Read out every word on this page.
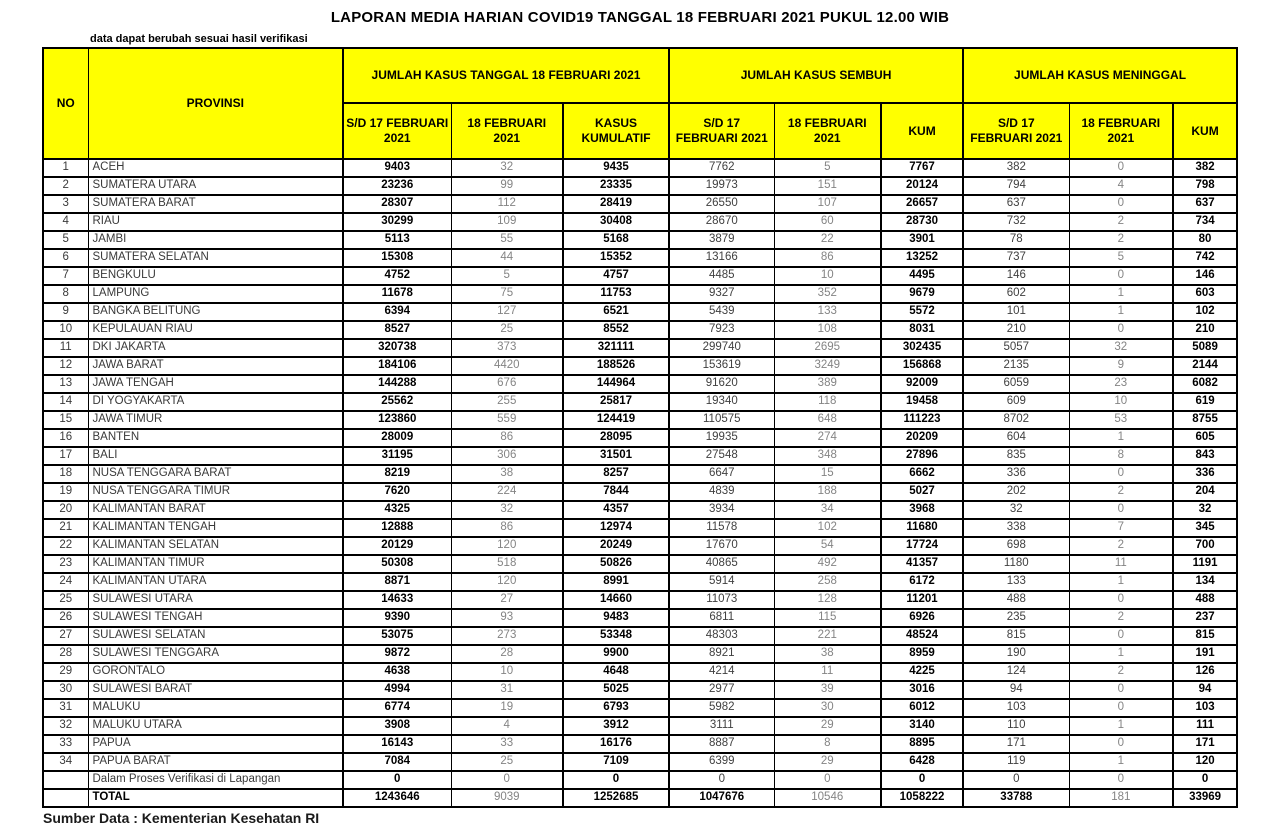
LAPORAN MEDIA HARIAN COVID19 TANGGAL 18 FEBRUARI 2021 PUKUL 12.00 WIB
data dapat berubah sesuai hasil verifikasi
NO	PROVINSI	JUMLAH KASUS TANGGAL 18 FEBRUARI 2021			JUMLAH KASUS SEMBUH			JUMLAH KASUS MENINGGAL		
		S/D 17 FEBRUARI 2021	18 FEBRUARI 2021	KASUS KUMULATIF	S/D 17 FEBRUARI 2021	18 FEBRUARI 2021	KUM	S/D 17 FEBRUARI 2021	18 FEBRUARI 2021	KUM
1	ACEH	9403	32	9435	7762	5	7767	382	0	382
2	SUMATERA UTARA	23236	99	23335	19973	151	20124	794	4	798
3	SUMATERA BARAT	28307	112	28419	26550	107	26657	637	0	637
4	RIAU	30299	109	30408	28670	60	28730	732	2	734
5	JAMBI	5113	55	5168	3879	22	3901	78	2	80
6	SUMATERA SELATAN	15308	44	15352	13166	86	13252	737	5	742
7	BENGKULU	4752	5	4757	4485	10	4495	146	0	146
8	LAMPUNG	11678	75	11753	9327	352	9679	602	1	603
9	BANGKA BELITUNG	6394	127	6521	5439	133	5572	101	1	102
10	KEPULAUAN RIAU	8527	25	8552	7923	108	8031	210	0	210
11	DKI JAKARTA	320738	373	321111	299740	2695	302435	5057	32	5089
12	JAWA BARAT	184106	4420	188526	153619	3249	156868	2135	9	2144
13	JAWA TENGAH	144288	676	144964	91620	389	92009	6059	23	6082
14	DI YOGYAKARTA	25562	255	25817	19340	118	19458	609	10	619
15	JAWA TIMUR	123860	559	124419	110575	648	111223	8702	53	8755
16	BANTEN	28009	86	28095	19935	274	20209	604	1	605
17	BALI	31195	306	31501	27548	348	27896	835	8	843
18	NUSA TENGGARA BARAT	8219	38	8257	6647	15	6662	336	0	336
19	NUSA TENGGARA TIMUR	7620	224	7844	4839	188	5027	202	2	204
20	KALIMANTAN BARAT	4325	32	4357	3934	34	3968	32	0	32
21	KALIMANTAN TENGAH	12888	86	12974	11578	102	11680	338	7	345
22	KALIMANTAN SELATAN	20129	120	20249	17670	54	17724	698	2	700
23	KALIMANTAN TIMUR	50308	518	50826	40865	492	41357	1180	11	1191
24	KALIMANTAN UTARA	8871	120	8991	5914	258	6172	133	1	134
25	SULAWESI UTARA	14633	27	14660	11073	128	11201	488	0	488
26	SULAWESI TENGAH	9390	93	9483	6811	115	6926	235	2	237
27	SULAWESI SELATAN	53075	273	53348	48303	221	48524	815	0	815
28	SULAWESI TENGGARA	9872	28	9900	8921	38	8959	190	1	191
29	GORONTALO	4638	10	4648	4214	11	4225	124	2	126
30	SULAWESI BARAT	4994	31	5025	2977	39	3016	94	0	94
31	MALUKU	6774	19	6793	5982	30	6012	103	0	103
32	MALUKU UTARA	3908	4	3912	3111	29	3140	110	1	111
33	PAPUA	16143	33	16176	8887	8	8895	171	0	171
34	PAPUA BARAT	7084	25	7109	6399	29	6428	119	1	120
	Dalam Proses Verifikasi di Lapangan	0	0	0	0	0	0	0	0	0
	TOTAL	1243646	9039	1252685	1047676	10546	1058222	33788	181	33969
Sumber Data : Kementerian Kesehatan RI
